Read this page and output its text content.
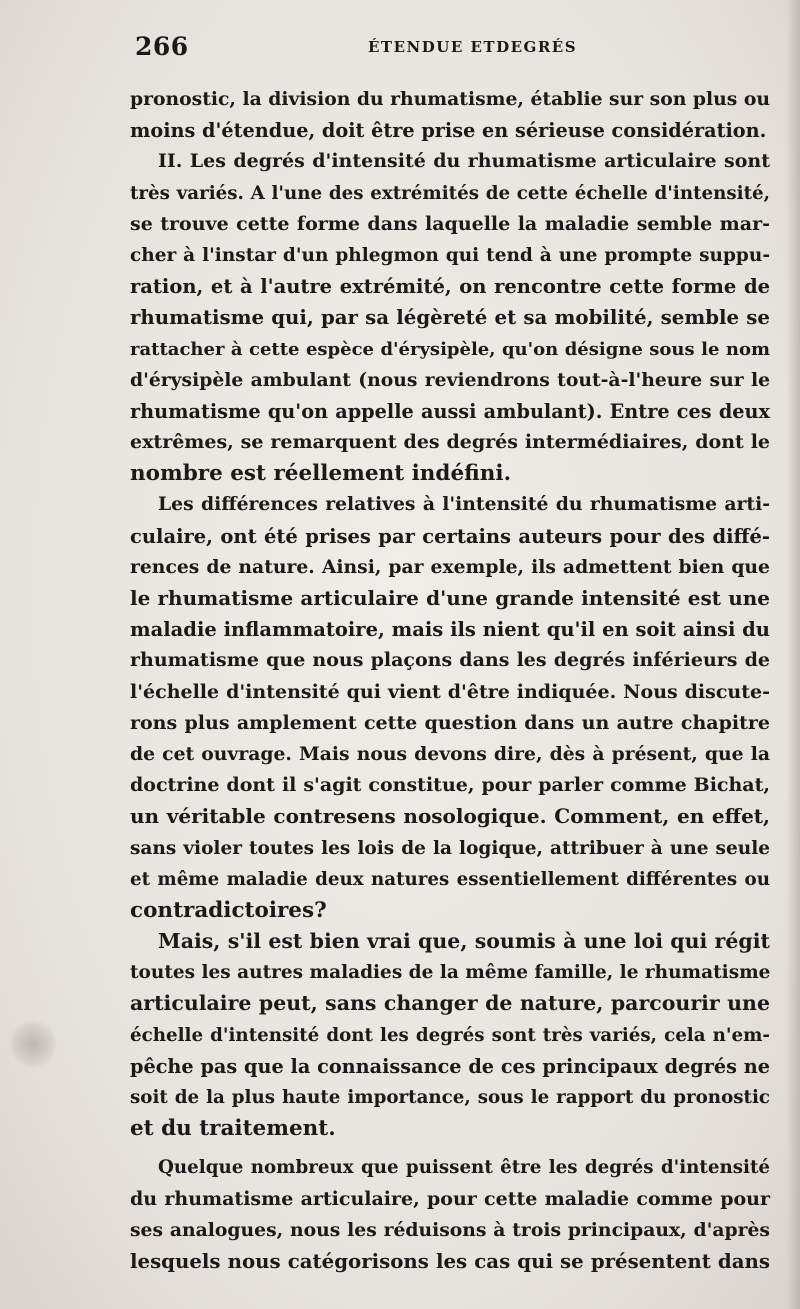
266	ÉTENDUE ETDEGRÉS
pronostic, la division du rhumatisme, établie sur son plus ou
moins d'étendue, doit être prise en sérieuse considération.
II. Les degrés d'intensité du rhumatisme articulaire sont
très variés. A l'une des extrémités de cette échelle d'intensité,
se trouve cette forme dans laquelle la maladie semble mar-
cher à l'instar d'un phlegmon qui tend à une prompte suppu-
ration, et à l'autre extrémité, on rencontre cette forme de
rhumatisme qui, par sa légèreté et sa mobilité, semble se
rattacher à cette espèce d'érysipèle, qu'on désigne sous le nom
d'érysipèle ambulant (nous reviendrons tout-à-l'heure sur le
rhumatisme qu'on appelle aussi ambulant). Entre ces deux
extrêmes, se remarquent des degrés intermédiaires, dont le
nombre est réellement indéfini.
Les différences relatives à l'intensité du rhumatisme arti-
culaire, ont été prises par certains auteurs pour des diffé-
rences de nature. Ainsi, par exemple, ils admettent bien que
le rhumatisme articulaire d'une grande intensité est une
maladie inflammatoire, mais ils nient qu'il en soit ainsi du
rhumatisme que nous plaçons dans les degrés inférieurs de
l'échelle d'intensité qui vient d'être indiquée. Nous discute-
rons plus amplement cette question dans un autre chapitre
de cet ouvrage. Mais nous devons dire, dès à présent, que la
doctrine dont il s'agit constitue, pour parler comme Bichat,
un véritable contresens nosologique. Comment, en effet,
sans violer toutes les lois de la logique, attribuer à une seule
et même maladie deux natures essentiellement différentes ou
contradictoires?
Mais, s'il est bien vrai que, soumis à une loi qui régit
toutes les autres maladies de la même famille, le rhumatisme
articulaire peut, sans changer de nature, parcourir une
échelle d'intensité dont les degrés sont très variés, cela n'em-
pêche pas que la connaissance de ces principaux degrés ne
soit de la plus haute importance, sous le rapport du pronostic
et du traitement.
Quelque nombreux que puissent être les degrés d'intensité
du rhumatisme articulaire, pour cette maladie comme pour
ses analogues, nous les réduisons à trois principaux, d'après
lesquels nous catégorisons les cas qui se présentent dans
